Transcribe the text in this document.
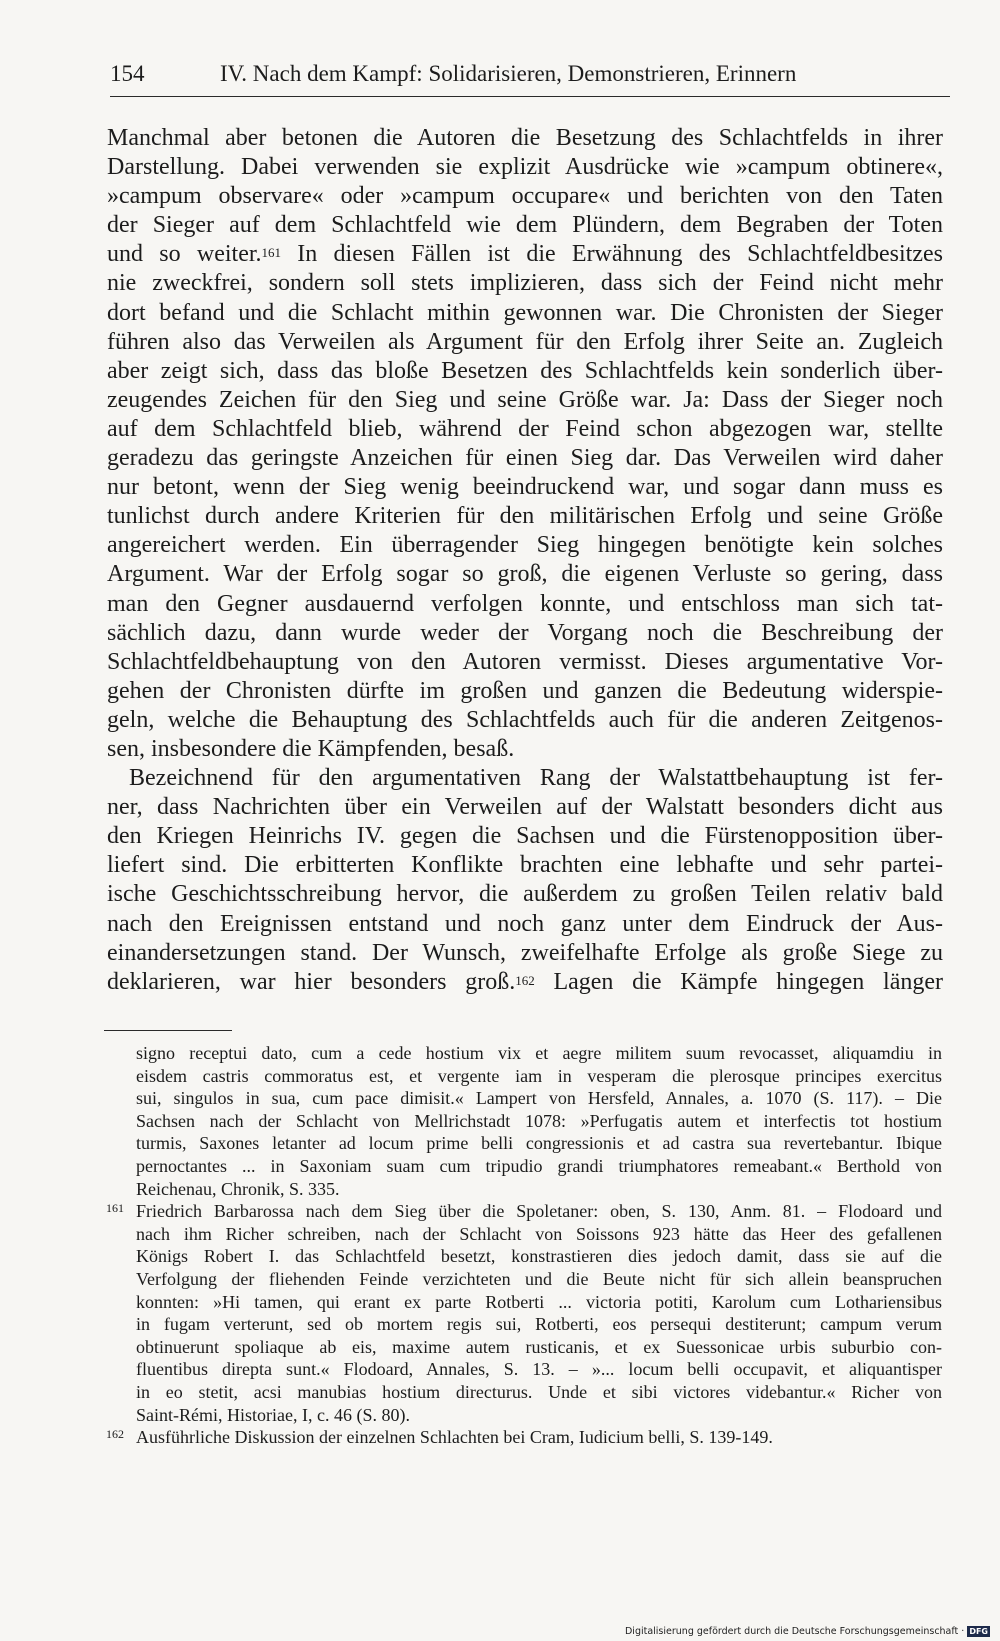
154	IV. Nach dem Kampf: Solidarisieren, Demonstrieren, Erinnern
Manchmal aber betonen die Autoren die Besetzung des Schlachtfelds in ihrer
Darstellung. Dabei verwenden sie explizit Ausdrücke wie »campum obtinere«,
»campum observare« oder »campum occupare« und berichten von den Taten
der Sieger auf dem Schlachtfeld wie dem Plündern, dem Begraben der Toten
und so weiter.$^{161}$ In diesen Fällen ist die Erwähnung des Schlachtfeldbesitzes
nie zweckfrei, sondern soll stets implizieren, dass sich der Feind nicht mehr
dort befand und die Schlacht mithin gewonnen war. Die Chronisten der Sieger
führen also das Verweilen als Argument für den Erfolg ihrer Seite an. Zugleich
aber zeigt sich, dass das bloße Besetzen des Schlachtfelds kein sonderlich über-
zeugendes Zeichen für den Sieg und seine Größe war. Ja: Dass der Sieger noch
auf dem Schlachtfeld blieb, während der Feind schon abgezogen war, stellte
geradezu das geringste Anzeichen für einen Sieg dar. Das Verweilen wird daher
nur betont, wenn der Sieg wenig beeindruckend war, und sogar dann muss es
tunlichst durch andere Kriterien für den militärischen Erfolg und seine Größe
angereichert werden. Ein überragender Sieg hingegen benötigte kein solches
Argument. War der Erfolg sogar so groß, die eigenen Verluste so gering, dass
man den Gegner ausdauernd verfolgen konnte, und entschloss man sich tat-
sächlich dazu, dann wurde weder der Vorgang noch die Beschreibung der
Schlachtfeldbehauptung von den Autoren vermisst. Dieses argumentative Vor-
gehen der Chronisten dürfte im großen und ganzen die Bedeutung widerspie-
geln, welche die Behauptung des Schlachtfelds auch für die anderen Zeitgenos-
sen, insbesondere die Kämpfenden, besaß.
Bezeichnend für den argumentativen Rang der Walstattbehauptung ist fer-
ner, dass Nachrichten über ein Verweilen auf der Walstatt besonders dicht aus
den Kriegen Heinrichs IV. gegen die Sachsen und die Fürstenopposition über-
liefert sind. Die erbitterten Konflikte brachten eine lebhafte und sehr partei-
ische Geschichtsschreibung hervor, die außerdem zu großen Teilen relativ bald
nach den Ereignissen entstand und noch ganz unter dem Eindruck der Aus-
einandersetzungen stand. Der Wunsch, zweifelhafte Erfolge als große Siege zu
deklarieren, war hier besonders groß.$^{162}$ Lagen die Kämpfe hingegen länger
signo receptui dato, cum a cede hostium vix et aegre militem suum revocasset, aliquamdiu in
eisdem castris commoratus est, et vergente iam in vesperam die plerosque principes exercitus
sui, singulos in sua, cum pace dimisit.« Lampert von Hersfeld, Annales, a. 1070 (S. 117). – Die
Sachsen nach der Schlacht von Mellrichstadt 1078: »Perfugatis autem et interfectis tot hostium
turmis, Saxones letanter ad locum prime belli congressionis et ad castra sua revertebantur. Ibique
pernoctantes ... in Saxoniam suam cum tripudio grandi triumphatores remeabant.« Berthold von
Reichenau, Chronik, S. 335.
161 Friedrich Barbarossa nach dem Sieg über die Spoletaner: oben, S. 130, Anm. 81. – Flodoard und
nach ihm Richer schreiben, nach der Schlacht von Soissons 923 hätte das Heer des gefallenen
Königs Robert I. das Schlachtfeld besetzt, konstrastieren dies jedoch damit, dass sie auf die
Verfolgung der fliehenden Feinde verzichteten und die Beute nicht für sich allein beanspruchen
konnten: »Hi tamen, qui erant ex parte Rotberti ... victoria potiti, Karolum cum Lothariensibus
in fugam verterunt, sed ob mortem regis sui, Rotberti, eos persequi destiterunt; campum verum
obtinuerunt spoliaque ab eis, maxime autem rusticanis, et ex Suessonicae urbis suburbio con-
fluentibus direpta sunt.« Flodoard, Annales, S. 13. – »... locum belli occupavit, et aliquantisper
in eo stetit, acsi manubias hostium directurus. Unde et sibi victores videbantur.« Richer von
Saint-Rémi, Historiae, I, c. 46 (S. 80).
162 Ausführliche Diskussion der einzelnen Schlachten bei Cram, Iudicium belli, S. 139-149.
Digitalisierung gefördert durch die Deutsche Forschungsgemeinschaft · DFG
